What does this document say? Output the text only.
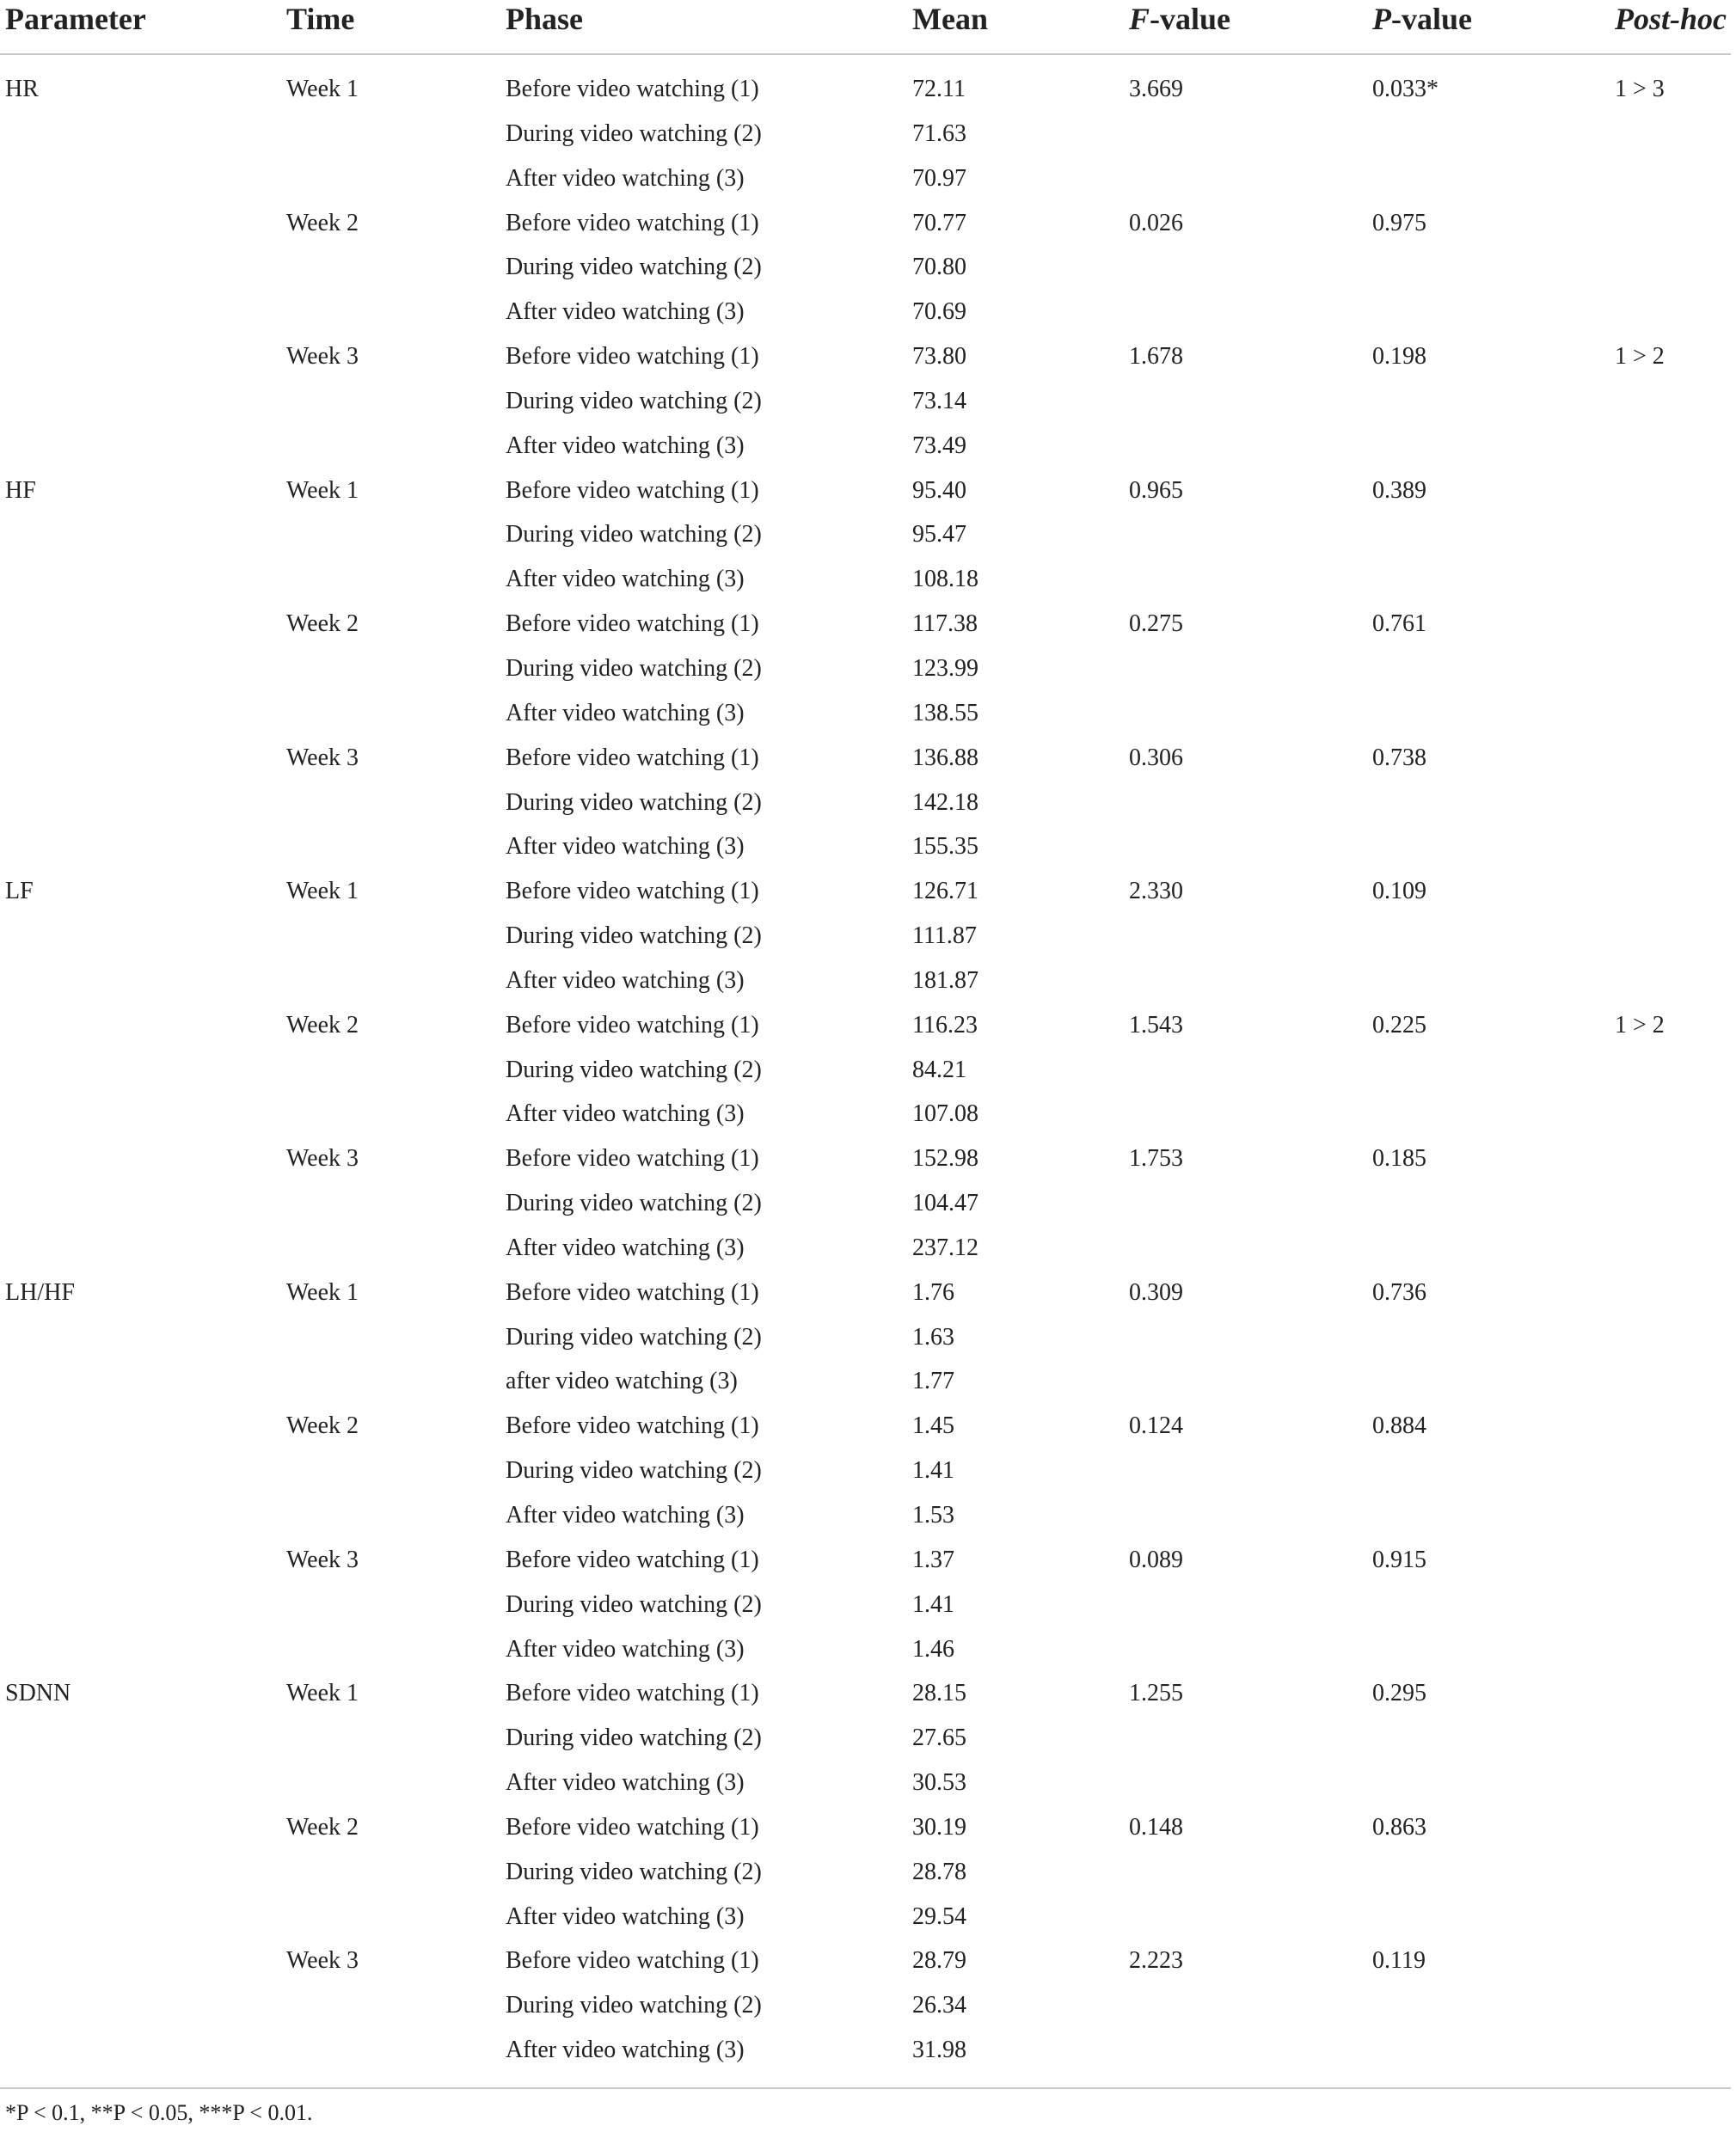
Parameter	Time	Phase	Mean	F-value	P-value	Post-hoc
HR	Week 1	Before video watching (1)	72.11	3.669	0.033*	1 > 3
During video watching (2)	71.63
After video watching (3)	70.97
Week 2	Before video watching (1)	70.77	0.026	0.975
During video watching (2)	70.80
After video watching (3)	70.69
Week 3	Before video watching (1)	73.80	1.678	0.198	1 > 2
During video watching (2)	73.14
After video watching (3)	73.49
HF	Week 1	Before video watching (1)	95.40	0.965	0.389
During video watching (2)	95.47
After video watching (3)	108.18
Week 2	Before video watching (1)	117.38	0.275	0.761
During video watching (2)	123.99
After video watching (3)	138.55
Week 3	Before video watching (1)	136.88	0.306	0.738
During video watching (2)	142.18
After video watching (3)	155.35
LF	Week 1	Before video watching (1)	126.71	2.330	0.109
During video watching (2)	111.87
After video watching (3)	181.87
Week 2	Before video watching (1)	116.23	1.543	0.225	1 > 2
During video watching (2)	84.21
After video watching (3)	107.08
Week 3	Before video watching (1)	152.98	1.753	0.185
During video watching (2)	104.47
After video watching (3)	237.12
LH/HF	Week 1	Before video watching (1)	1.76	0.309	0.736
During video watching (2)	1.63
after video watching (3)	1.77
Week 2	Before video watching (1)	1.45	0.124	0.884
During video watching (2)	1.41
After video watching (3)	1.53
Week 3	Before video watching (1)	1.37	0.089	0.915
During video watching (2)	1.41
After video watching (3)	1.46
SDNN	Week 1	Before video watching (1)	28.15	1.255	0.295
During video watching (2)	27.65
After video watching (3)	30.53
Week 2	Before video watching (1)	30.19	0.148	0.863
During video watching (2)	28.78
After video watching (3)	29.54
Week 3	Before video watching (1)	28.79	2.223	0.119
During video watching (2)	26.34
After video watching (3)	31.98
*P < 0.1, **P < 0.05, ***P < 0.01.
